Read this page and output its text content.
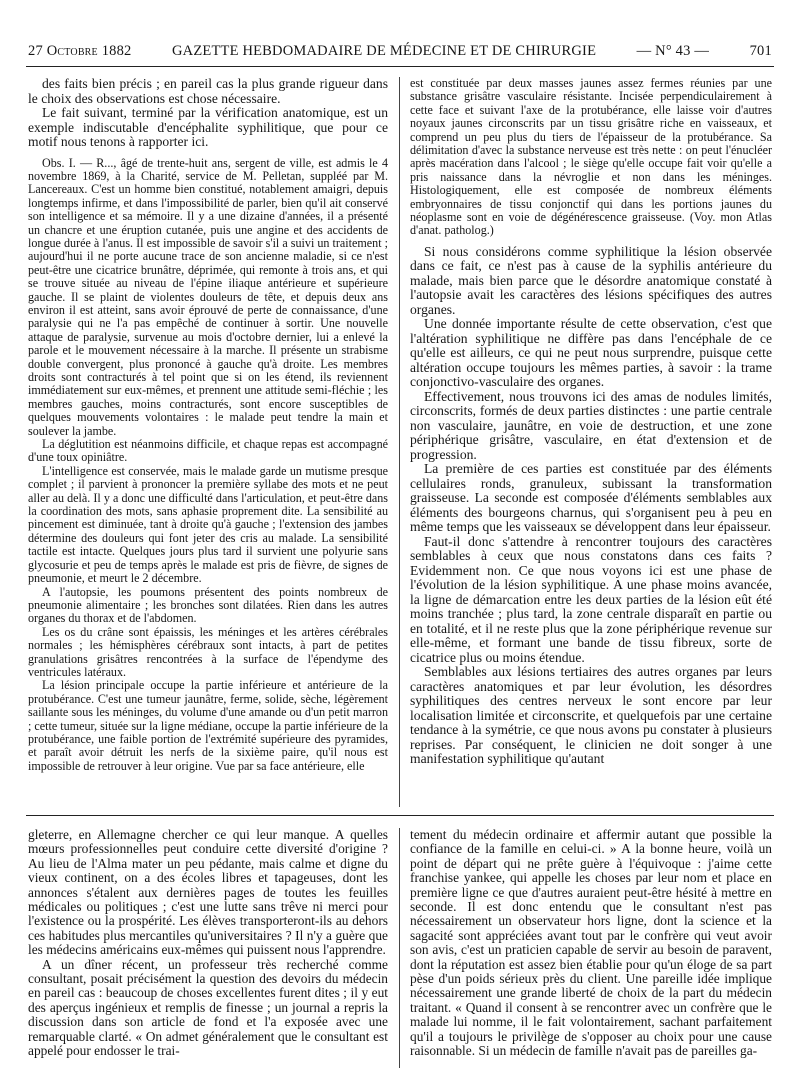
27 Octobre 1882	GAZETTE HEBDOMADAIRE DE MÉDECINE ET DE CHIRURGIE	— N° 43 —	701

des faits bien précis ; en pareil cas la plus grande rigueur dans le choix des observations est chose nécessaire.

Le fait suivant, terminé par la vérification anatomique, est un exemple indiscutable d'encéphalite syphilitique, que pour ce motif nous tenons à rapporter ici.

Obs. I. — R..., âgé de trente-huit ans, sergent de ville, est admis le 4 novembre 1869, à la Charité, service de M. Pelletan, suppléé par M. Lancereaux. C'est un homme bien constitué, notablement amaigri, depuis longtemps infirme, et dans l'impossibilité de parler, bien qu'il ait conservé son intelligence et sa mémoire. Il y a une dizaine d'années, il a présenté un chancre et une éruption cutanée, puis une angine et des accidents de longue durée à l'anus. Il est impossible de savoir s'il a suivi un traitement ; aujourd'hui il ne porte aucune trace de son ancienne maladie, si ce n'est peut-être une cicatrice brunâtre, déprimée, qui remonte à trois ans, et qui se trouve située au niveau de l'épine iliaque antérieure et supérieure gauche. Il se plaint de violentes douleurs de tête, et depuis deux ans environ il est atteint, sans avoir éprouvé de perte de connaissance, d'une paralysie qui ne l'a pas empêché de continuer à sortir. Une nouvelle attaque de paralysie, survenue au mois d'octobre dernier, lui a enlevé la parole et le mouvement nécessaire à la marche. Il présente un strabisme double convergent, plus prononcé à gauche qu'à droite. Les membres droits sont contracturés à tel point que si on les étend, ils reviennent immédiatement sur eux-mêmes, et prennent une attitude semi-fléchie ; les membres gauches, moins contracturés, sont encore susceptibles de quelques mouvements volontaires : le malade peut tendre la main et soulever la jambe.

La déglutition est néanmoins difficile, et chaque repas est accompagné d'une toux opiniâtre.

L'intelligence est conservée, mais le malade garde un mutisme presque complet ; il parvient à prononcer la première syllabe des mots et ne peut aller au delà. Il y a donc une difficulté dans l'articulation, et peut-être dans la coordination des mots, sans aphasie proprement dite. La sensibilité au pincement est diminuée, tant à droite qu'à gauche ; l'extension des jambes détermine des douleurs qui font jeter des cris au malade. La sensibilité tactile est intacte. Quelques jours plus tard il survient une polyurie sans glycosurie et peu de temps après le malade est pris de fièvre, de signes de pneumonie, et meurt le 2 décembre.

A l'autopsie, les poumons présentent des points nombreux de pneumonie alimentaire ; les bronches sont dilatées. Rien dans les autres organes du thorax et de l'abdomen.

Les os du crâne sont épaissis, les méninges et les artères cérébrales normales ; les hémisphères cérébraux sont intacts, à part de petites granulations grisâtres rencontrées à la surface de l'épendyme des ventricules latéraux.

La lésion principale occupe la partie inférieure et antérieure de la protubérance. C'est une tumeur jaunâtre, ferme, solide, sèche, légèrement saillante sous les méninges, du volume d'une amande ou d'un petit marron ; cette tumeur, située sur la ligne médiane, occupe la partie inférieure de la protubérance, une faible portion de l'extrémité supérieure des pyramides, et paraît avoir détruit les nerfs de la sixième paire, qu'il nous est impossible de retrouver à leur origine. Vue par sa face antérieure, elle

est constituée par deux masses jaunes assez fermes réunies par une substance grisâtre vasculaire résistante. Incisée perpendiculairement à cette face et suivant l'axe de la protubérance, elle laisse voir d'autres noyaux jaunes circonscrits par un tissu grisâtre riche en vaisseaux, et comprend un peu plus du tiers de l'épaisseur de la protubérance. Sa délimitation d'avec la substance nerveuse est très nette : on peut l'énucléer après macération dans l'alcool ; le siège qu'elle occupe fait voir qu'elle a pris naissance dans la névroglie et non dans les méninges. Histologiquement, elle est composée de nombreux éléments embryonnaires de tissu conjonctif qui dans les portions jaunes du néoplasme sont en voie de dégénérescence graisseuse. (Voy. mon Atlas d'anat. patholog.)

Si nous considérons comme syphilitique la lésion observée dans ce fait, ce n'est pas à cause de la syphilis antérieure du malade, mais bien parce que le désordre anatomique constaté à l'autopsie avait les caractères des lésions spécifiques des autres organes.

Une donnée importante résulte de cette observation, c'est que l'altération syphilitique ne diffère pas dans l'encéphale de ce qu'elle est ailleurs, ce qui ne peut nous surprendre, puisque cette altération occupe toujours les mêmes parties, à savoir : la trame conjonctivo-vasculaire des organes.

Effectivement, nous trouvons ici des amas de nodules limités, circonscrits, formés de deux parties distinctes : une partie centrale non vasculaire, jaunâtre, en voie de destruction, et une zone périphérique grisâtre, vasculaire, en état d'extension et de progression.

La première de ces parties est constituée par des éléments cellulaires ronds, granuleux, subissant la transformation graisseuse. La seconde est composée d'éléments semblables aux éléments des bourgeons charnus, qui s'organisent peu à peu en même temps que les vaisseaux se développent dans leur épaisseur.

Faut-il donc s'attendre à rencontrer toujours des caractères semblables à ceux que nous constatons dans ces faits ? Evidemment non. Ce que nous voyons ici est une phase de l'évolution de la lésion syphilitique. A une phase moins avancée, la ligne de démarcation entre les deux parties de la lésion eût été moins tranchée ; plus tard, la zone centrale disparaît en partie ou en totalité, et il ne reste plus que la zone périphérique revenue sur elle-même, et formant une bande de tissu fibreux, sorte de cicatrice plus ou moins étendue.

Semblables aux lésions tertiaires des autres organes par leurs caractères anatomiques et par leur évolution, les désordres syphilitiques des centres nerveux le sont encore par leur localisation limitée et circonscrite, et quelquefois par une certaine tendance à la symétrie, ce que nous avons pu constater à plusieurs reprises. Par conséquent, le clinicien ne doit songer à une manifestation syphilitique qu'autant

gleterre, en Allemagne chercher ce qui leur manque. A quelles mœurs professionnelles peut conduire cette diversité d'origine ? Au lieu de l'Alma mater un peu pédante, mais calme et digne du vieux continent, on a des écoles libres et tapageuses, dont les annonces s'étalent aux dernières pages de toutes les feuilles médicales ou politiques ; c'est une lutte sans trêve ni merci pour l'existence ou la prospérité. Les élèves transporteront-ils au dehors ces habitudes plus mercantiles qu'universitaires ? Il n'y a guère que les médecins américains eux-mêmes qui puissent nous l'apprendre.

A un dîner récent, un professeur très recherché comme consultant, posait précisément la question des devoirs du médecin en pareil cas : beaucoup de choses excellentes furent dites ; il y eut des aperçus ingénieux et remplis de finesse ; un journal a repris la discussion dans son article de fond et l'a exposée avec une remarquable clarté. « On admet généralement que le consultant est appelé pour endosser le trai-

tement du médecin ordinaire et affermir autant que possible la confiance de la famille en celui-ci. » A la bonne heure, voilà un point de départ qui ne prête guère à l'équivoque : j'aime cette franchise yankee, qui appelle les choses par leur nom et place en première ligne ce que d'autres auraient peut-être hésité à mettre en seconde. Il est donc entendu que le consultant n'est pas nécessairement un observateur hors ligne, dont la science et la sagacité sont appréciées avant tout par le confrère qui veut avoir son avis, c'est un praticien capable de servir au besoin de paravent, dont la réputation est assez bien établie pour qu'un éloge de sa part pèse d'un poids sérieux près du client. Une pareille idée implique nécessairement une grande liberté de choix de la part du médecin traitant. « Quand il consent à se rencontrer avec un confrère que le malade lui nomme, il le fait volontairement, sachant parfaitement qu'il a toujours le privilège de s'opposer au choix pour une cause raisonnable. Si un médecin de famille n'avait pas de pareilles ga-
